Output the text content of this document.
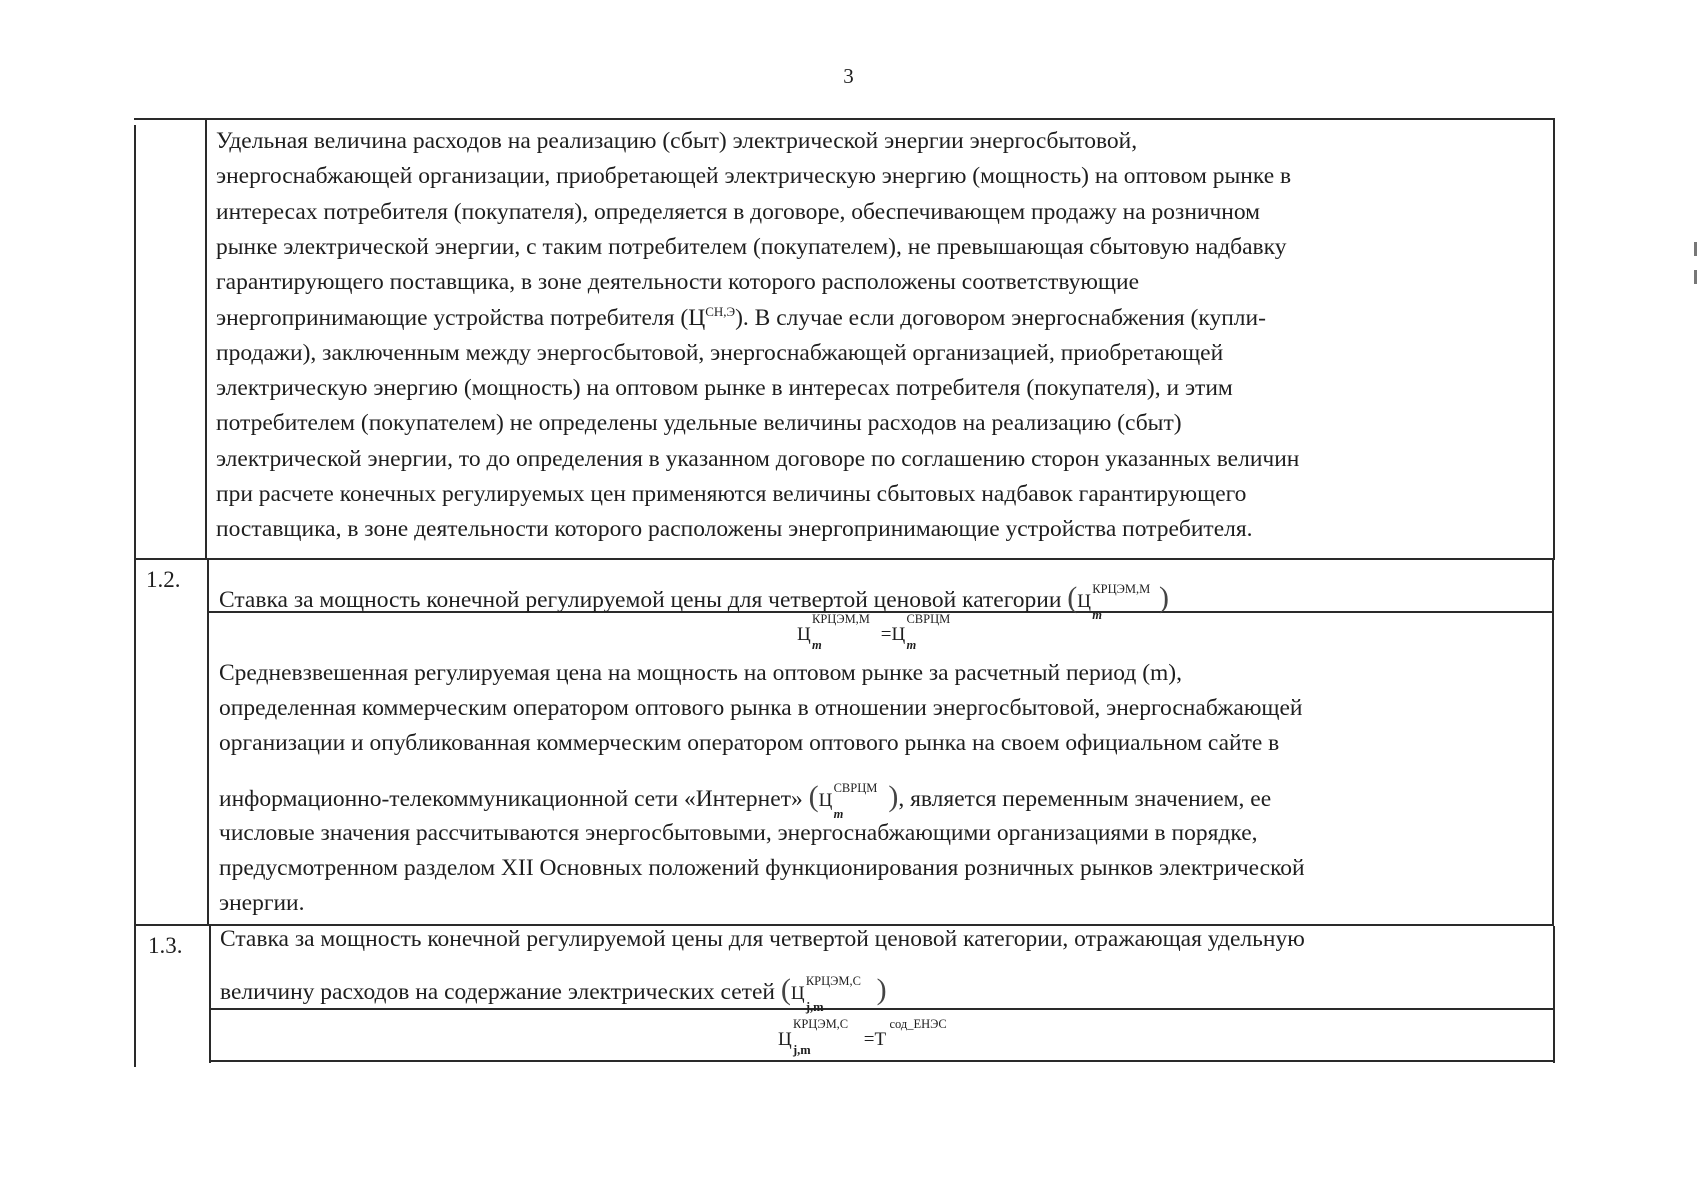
3
Удельная величина расходов на реализацию (сбыт) электрической энергии энергосбытовой,
энергоснабжающей организации, приобретающей электрическую энергию (мощность) на оптовом рынке в
интересах потребителя (покупателя), определяется в договоре, обеспечивающем продажу на розничном
рынке электрической энергии, с таким потребителем (покупателем), не превышающая сбытовую надбавку
гарантирующего поставщика, в зоне деятельности которого расположены соответствующие
энергопринимающие устройства потребителя $(Ц^{СН,Э})$. В случае если договором энергоснабжения (купли-
продажи), заключенным между энергосбытовой, энергоснабжающей организацией, приобретающей
электрическую энергию (мощность) на оптовом рынке в интересах потребителя (покупателя), и этим
потребителем (покупателем) не определены удельные величины расходов на реализацию (сбыт)
электрической энергии, то до определения в указанном договоре по соглашению сторон указанных величин
при расчете конечных регулируемых цен применяются величины сбытовых надбавок гарантирующего
поставщика, в зоне деятельности которого расположены энергопринимающие устройства потребителя.
1.2.
Ставка за мощность конечной регулируемой цены для четвертой ценовой категории (Ц
КРЦЭМ,М
m
)
Ц
КРЦЭМ,М
m	=Ц
СВРЦМ
m
Средневзвешенная регулируемая цена на мощность на оптовом рынке за расчетный период (m),
определенная коммерческим оператором оптового рынка в отношении энергосбытовой, энергоснабжающей
организации и опубликованная коммерческим оператором оптового рынка на своем официальном сайте в
информационно-телекоммуникационной сети «Интернет» (Ц
СВРЦМ
m
), является переменным значением, ее
числовые значения рассчитываются энергосбытовыми, энергоснабжающими организациями в порядке,
предусмотренном разделом XII Основных положений функционирования розничных рынков электрической
энергии.
1.3. Ставка за мощность конечной регулируемой цены для четвертой ценовой категории, отражающая удельную
величину расходов на содержание электрических сетей (Ц
КРЦЭМ,С
j,m
)
Ц
КРЦЭМ,С
j,m	=Т
сод_ЕНЭС
